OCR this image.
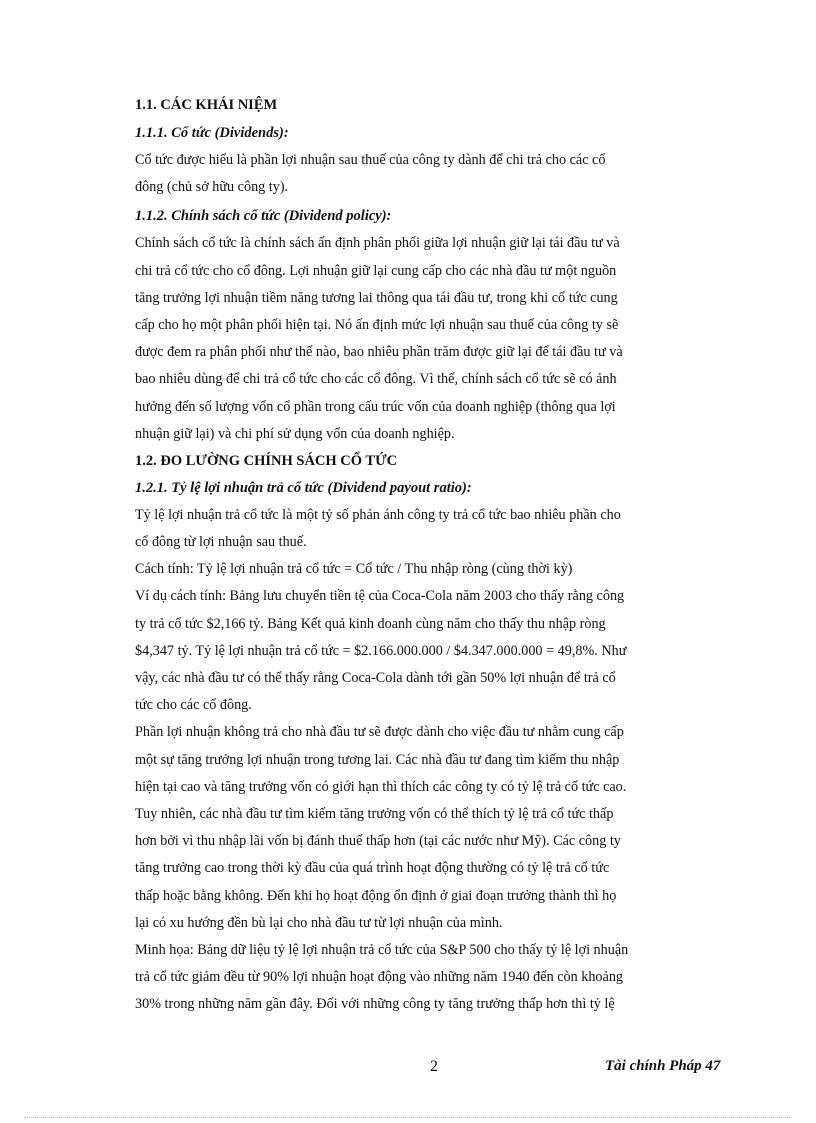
1.1. CÁC KHÁI NIỆM
1.1.1. Cổ tức (Dividends):
Cổ tức được hiểu là phần lợi nhuận sau thuế của công ty dành để chi trả cho các cổ
đông (chủ sở hữu công ty).
1.1.2. Chính sách cổ tức (Dividend policy):
Chính sách cổ tức là chính sách ấn định phân phối giữa lợi nhuận giữ lại tái đầu tư và
chi trả cổ tức cho cổ đông. Lợi nhuận giữ lại cung cấp cho các nhà đầu tư một nguồn
tăng trưởng lợi nhuận tiềm năng tương lai thông qua tái đầu tư, trong khi cổ tức cung
cấp cho họ một phân phối hiện tại. Nó ấn định mức lợi nhuận sau thuế của công ty sẽ
được đem ra phân phối như thế nào, bao nhiêu phần trăm được giữ lại để tái đầu tư và
bao nhiêu dùng để chi trả cổ tức cho các cổ đông. Vì thế, chính sách cổ tức sẽ có ảnh
hưởng đến số lượng vốn cổ phần trong cấu trúc vốn của doanh nghiệp (thông qua lợi
nhuận giữ lại) và chi phí sử dụng vốn của doanh nghiệp.
1.2. ĐO LƯỜNG CHÍNH SÁCH CỔ TỨC
1.2.1. Tỷ lệ lợi nhuận trả cổ tức (Dividend payout ratio):
Tỷ lệ lợi nhuận trả cổ tức là một tỷ số phản ánh công ty trả cổ tức bao nhiêu phần cho
cổ đông từ lợi nhuận sau thuế.
Cách tính: Tỷ lệ lợi nhuận trả cổ tức = Cổ tức / Thu nhập ròng (cùng thời kỳ)
Ví dụ cách tính: Bảng lưu chuyển tiền tệ của Coca-Cola năm 2003 cho thấy rằng công
ty trả cổ tức $2,166 tỷ. Bảng Kết quả kinh doanh cùng năm cho thấy thu nhập ròng
$4,347 tỷ. Tỷ lệ lợi nhuận trả cổ tức = $2.166.000.000 / $4.347.000.000 = 49,8%. Như
vậy, các nhà đầu tư có thể thấy rằng Coca-Cola dành tới gần 50% lợi nhuận để trả cổ
tức cho các cổ đông.
Phần lợi nhuận không trả cho nhà đầu tư sẽ được dành cho việc đầu tư nhằm cung cấp
một sự tăng trưởng lợi nhuận trong tương lai. Các nhà đầu tư đang tìm kiếm thu nhập
hiện tại cao và tăng trưởng vốn có giới hạn thì thích các công ty có tỷ lệ trả cổ tức cao.
Tuy nhiên, các nhà đầu tư tìm kiếm tăng trưởng vốn có thể thích tỷ lệ trả cổ tức thấp
hơn bởi vì thu nhập lãi vốn bị đánh thuế thấp hơn (tại các nước như Mỹ). Các công ty
tăng trưởng cao trong thời kỳ đầu của quá trình hoạt động thường có tỷ lệ trả cổ tức
thấp hoặc bằng không. Đến khi họ hoạt động ổn định ở giai đoạn trưởng thành thì họ
lại có xu hướng đền bù lại cho nhà đầu tư từ lợi nhuận của mình.
Minh họa: Bảng dữ liệu tỷ lệ lợi nhuận trả cổ tức của S&P 500 cho thấy tỷ lệ lợi nhuận
trả cổ tức giảm đều từ 90% lợi nhuận hoạt động vào những năm 1940 đến còn khoảng
30% trong những năm gần đây. Đối với những công ty tăng trưởng thấp hơn thì tỷ lệ
2	Tài chính Pháp 47
